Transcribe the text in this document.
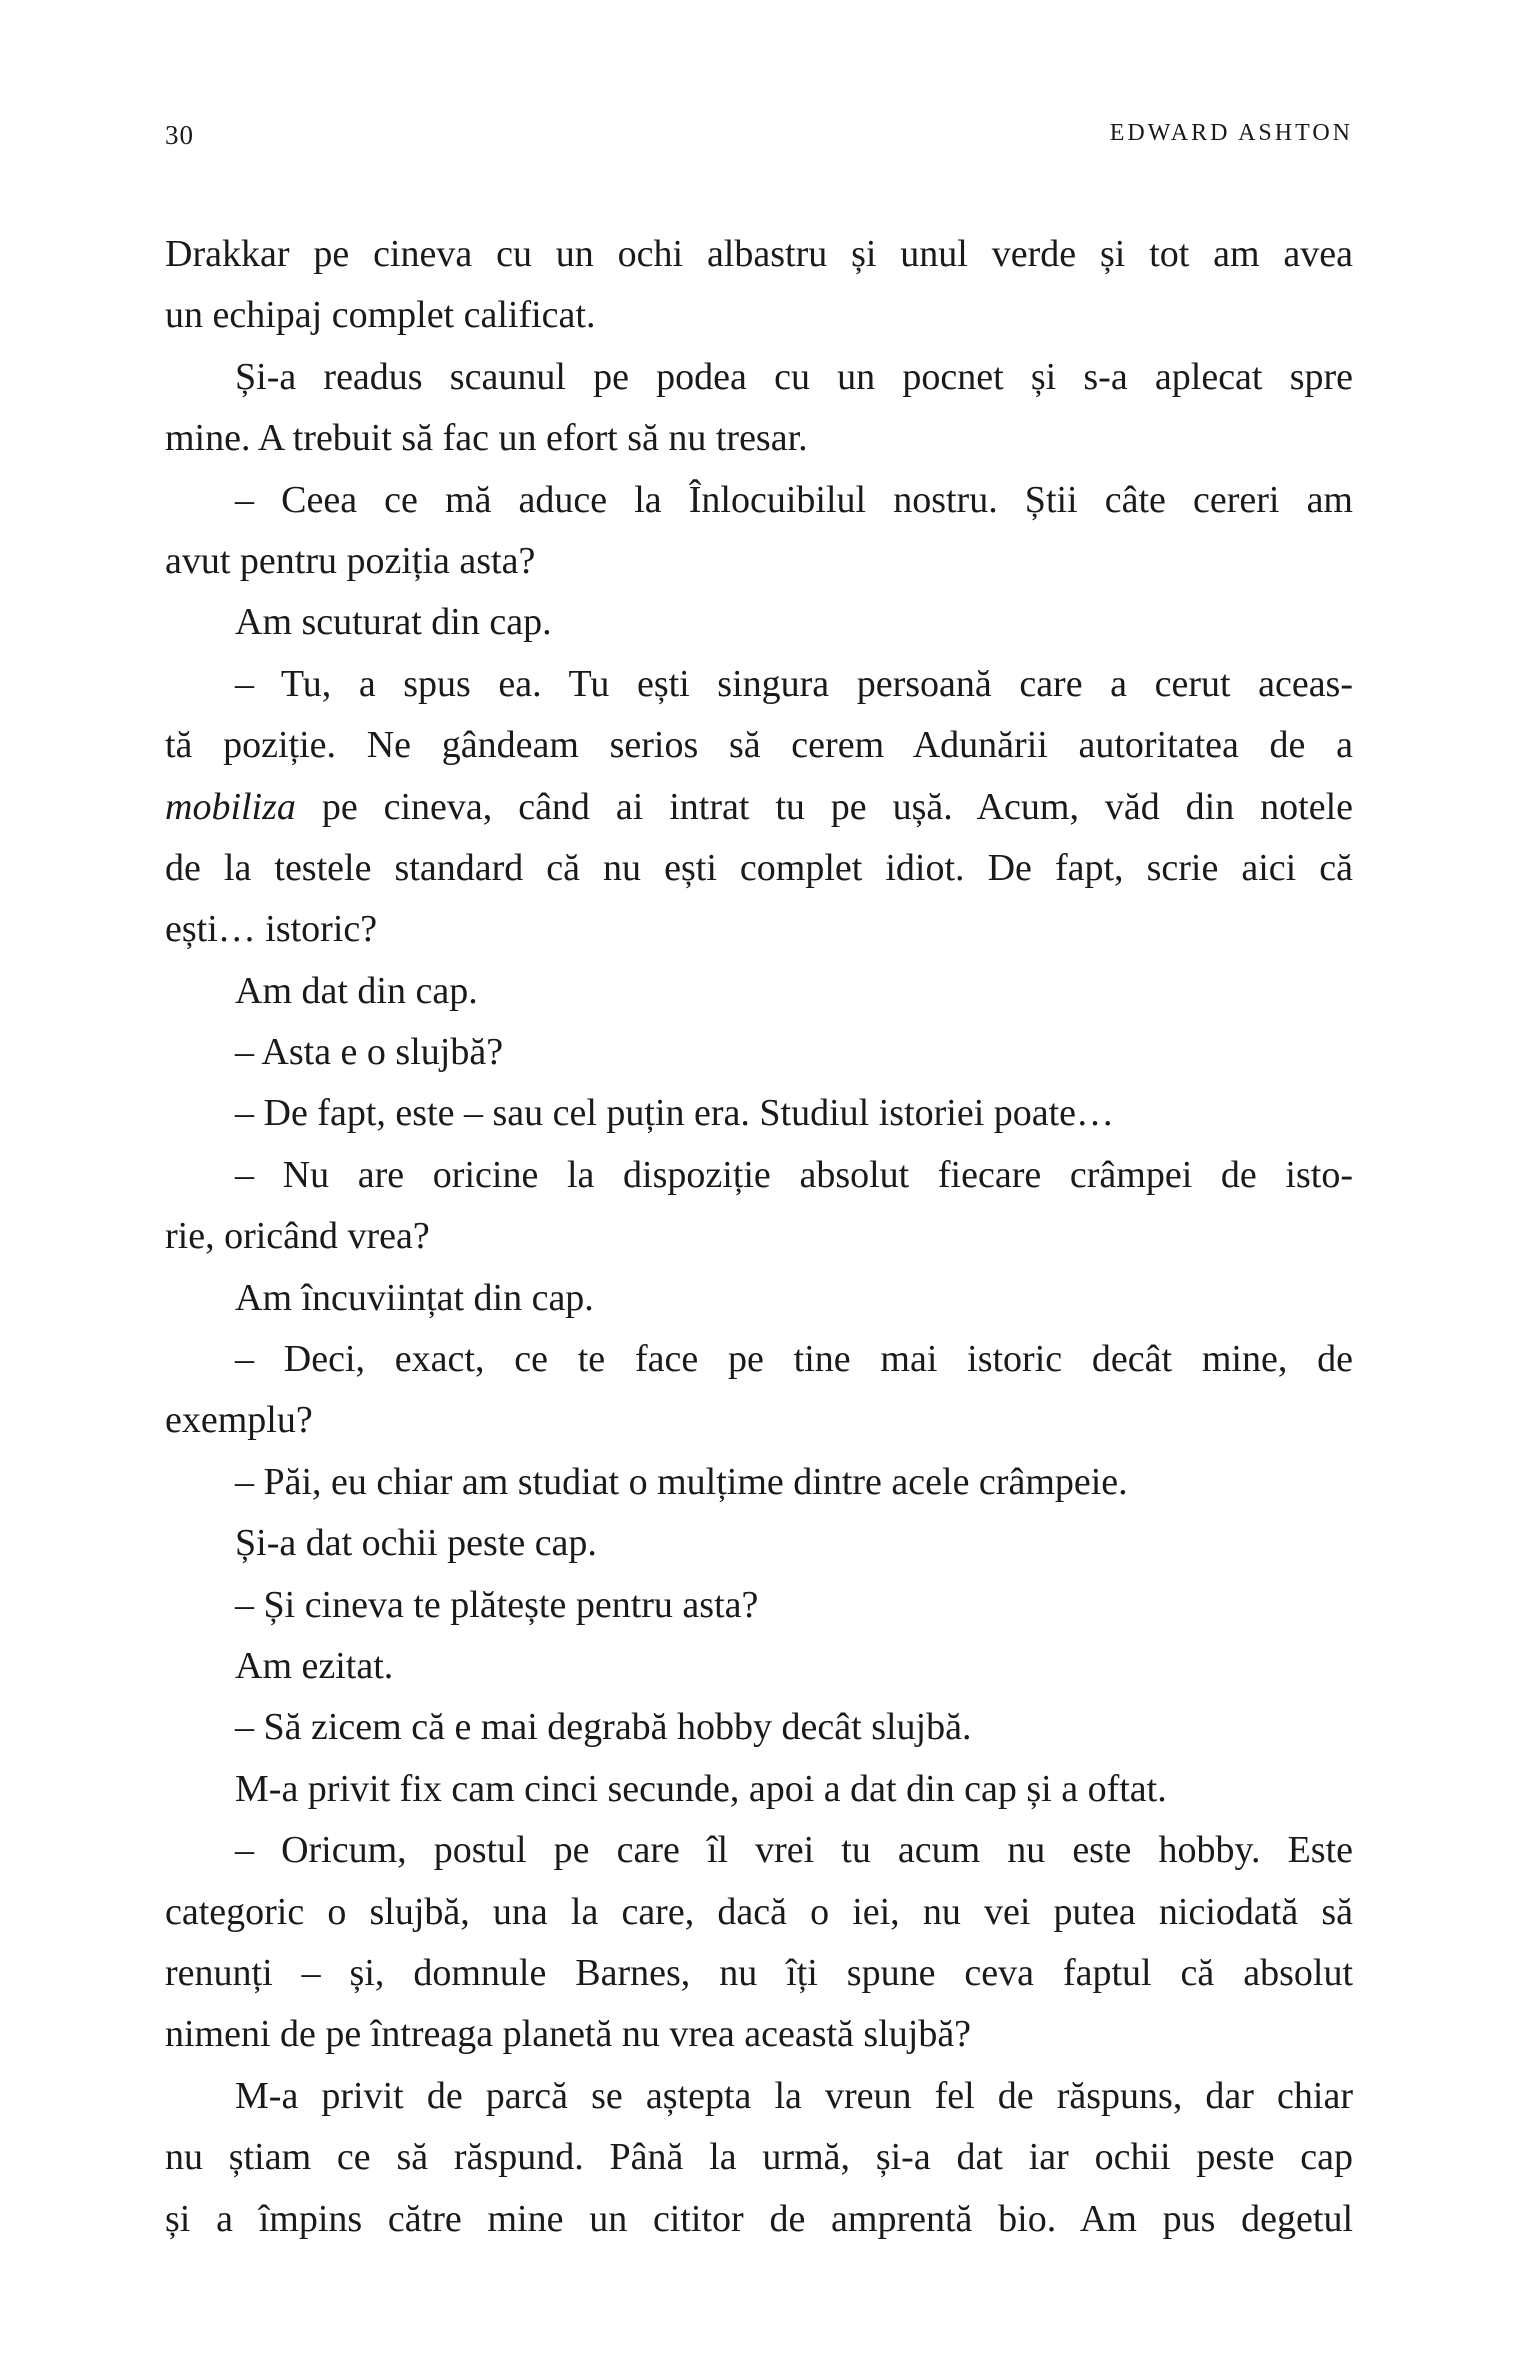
30	EDWARD ASHTON
Drakkar pe cineva cu un ochi albastru și unul verde și tot am avea
un echipaj complet calificat.
Și-a readus scaunul pe podea cu un pocnet și s-a aplecat spre
mine. A trebuit să fac un efort să nu tresar.
– Ceea ce mă aduce la Înlocuibilul nostru. Știi câte cereri am
avut pentru poziția asta?
Am scuturat din cap.
– Tu, a spus ea. Tu ești singura persoană care a cerut aceas-
tă poziție. Ne gândeam serios să cerem Adunării autoritatea de a
mobiliza pe cineva, când ai intrat tu pe ușă. Acum, văd din notele
de la testele standard că nu ești complet idiot. De fapt, scrie aici că
ești… istoric?
Am dat din cap.
– Asta e o slujbă?
– De fapt, este – sau cel puțin era. Studiul istoriei poate…
– Nu are oricine la dispoziție absolut fiecare crâmpei de isto-
rie, oricând vrea?
Am încuviințat din cap.
– Deci, exact, ce te face pe tine mai istoric decât mine, de
exemplu?
– Păi, eu chiar am studiat o mulțime dintre acele crâmpeie.
Și-a dat ochii peste cap.
– Și cineva te plătește pentru asta?
Am ezitat.
– Să zicem că e mai degrabă hobby decât slujbă.
M-a privit fix cam cinci secunde, apoi a dat din cap și a oftat.
– Oricum, postul pe care îl vrei tu acum nu este hobby. Este
categoric o slujbă, una la care, dacă o iei, nu vei putea niciodată să
renunți – și, domnule Barnes, nu îți spune ceva faptul că absolut
nimeni de pe întreaga planetă nu vrea această slujbă?
M-a privit de parcă se aștepta la vreun fel de răspuns, dar chiar
nu știam ce să răspund. Până la urmă, și-a dat iar ochii peste cap
și a împins către mine un cititor de amprentă bio. Am pus degetul
